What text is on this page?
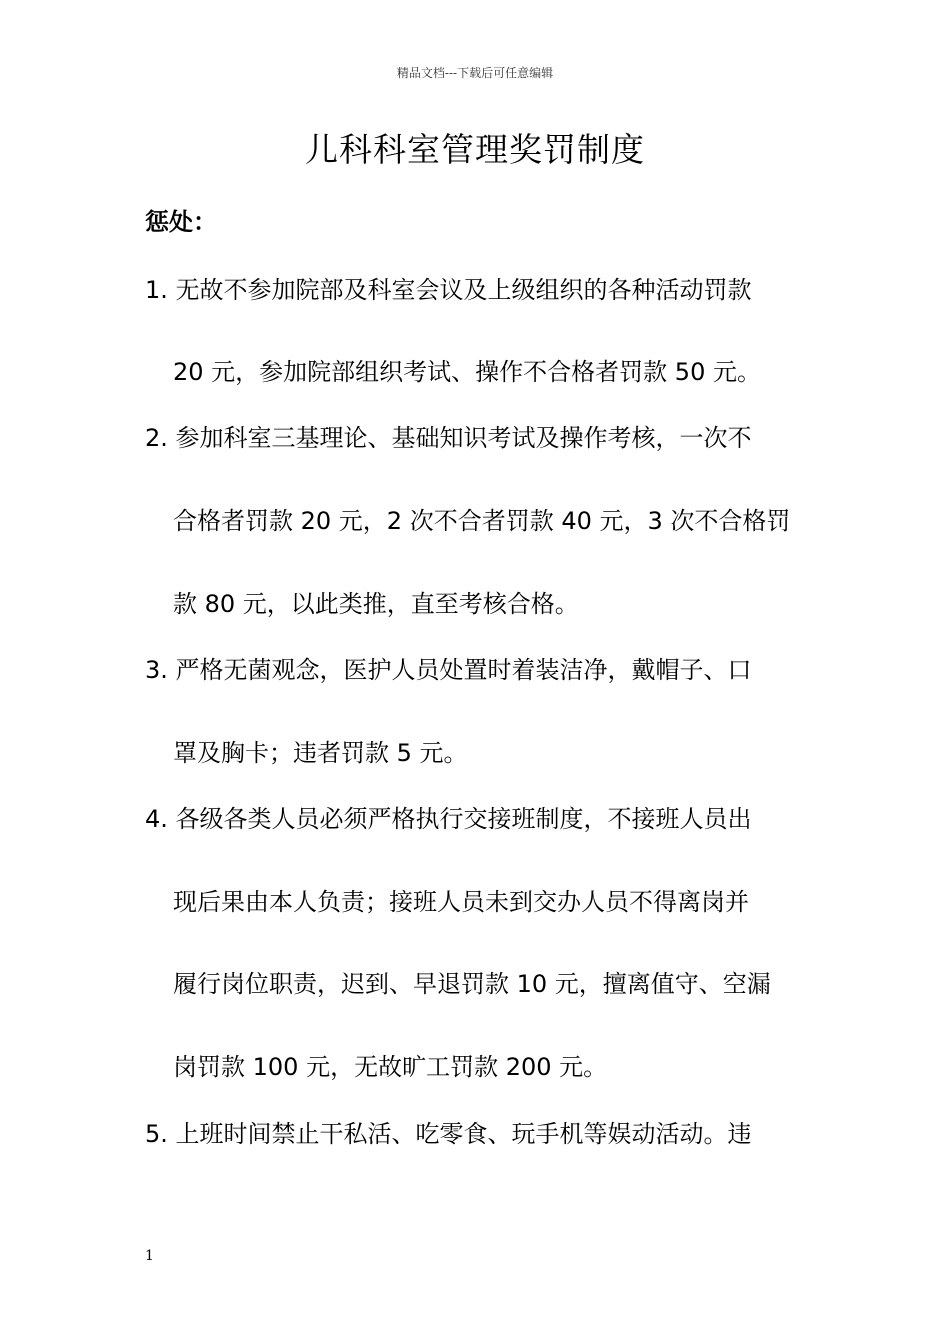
精品文档---下载后可任意编辑
儿科科室管理奖罚制度
惩处：
1. 无故不参加院部及科室会议及上级组织的各种活动罚款
20 元，参加院部组织考试、操作不合格者罚款 50 元。
2. 参加科室三基理论、基础知识考试及操作考核，一次不
合格者罚款 20 元，2 次不合者罚款 40 元，3 次不合格罚
款 80 元，以此类推，直至考核合格。
3. 严格无菌观念，医护人员处置时着装洁净，戴帽子、口
罩及胸卡；违者罚款 5 元。
4. 各级各类人员必须严格执行交接班制度，不接班人员出
现后果由本人负责；接班人员未到交办人员不得离岗并
履行岗位职责，迟到、早退罚款 10 元，擅离值守、空漏
岗罚款 100 元，无故旷工罚款 200 元。
5. 上班时间禁止干私活、吃零食、玩手机等娱动活动。违
1
